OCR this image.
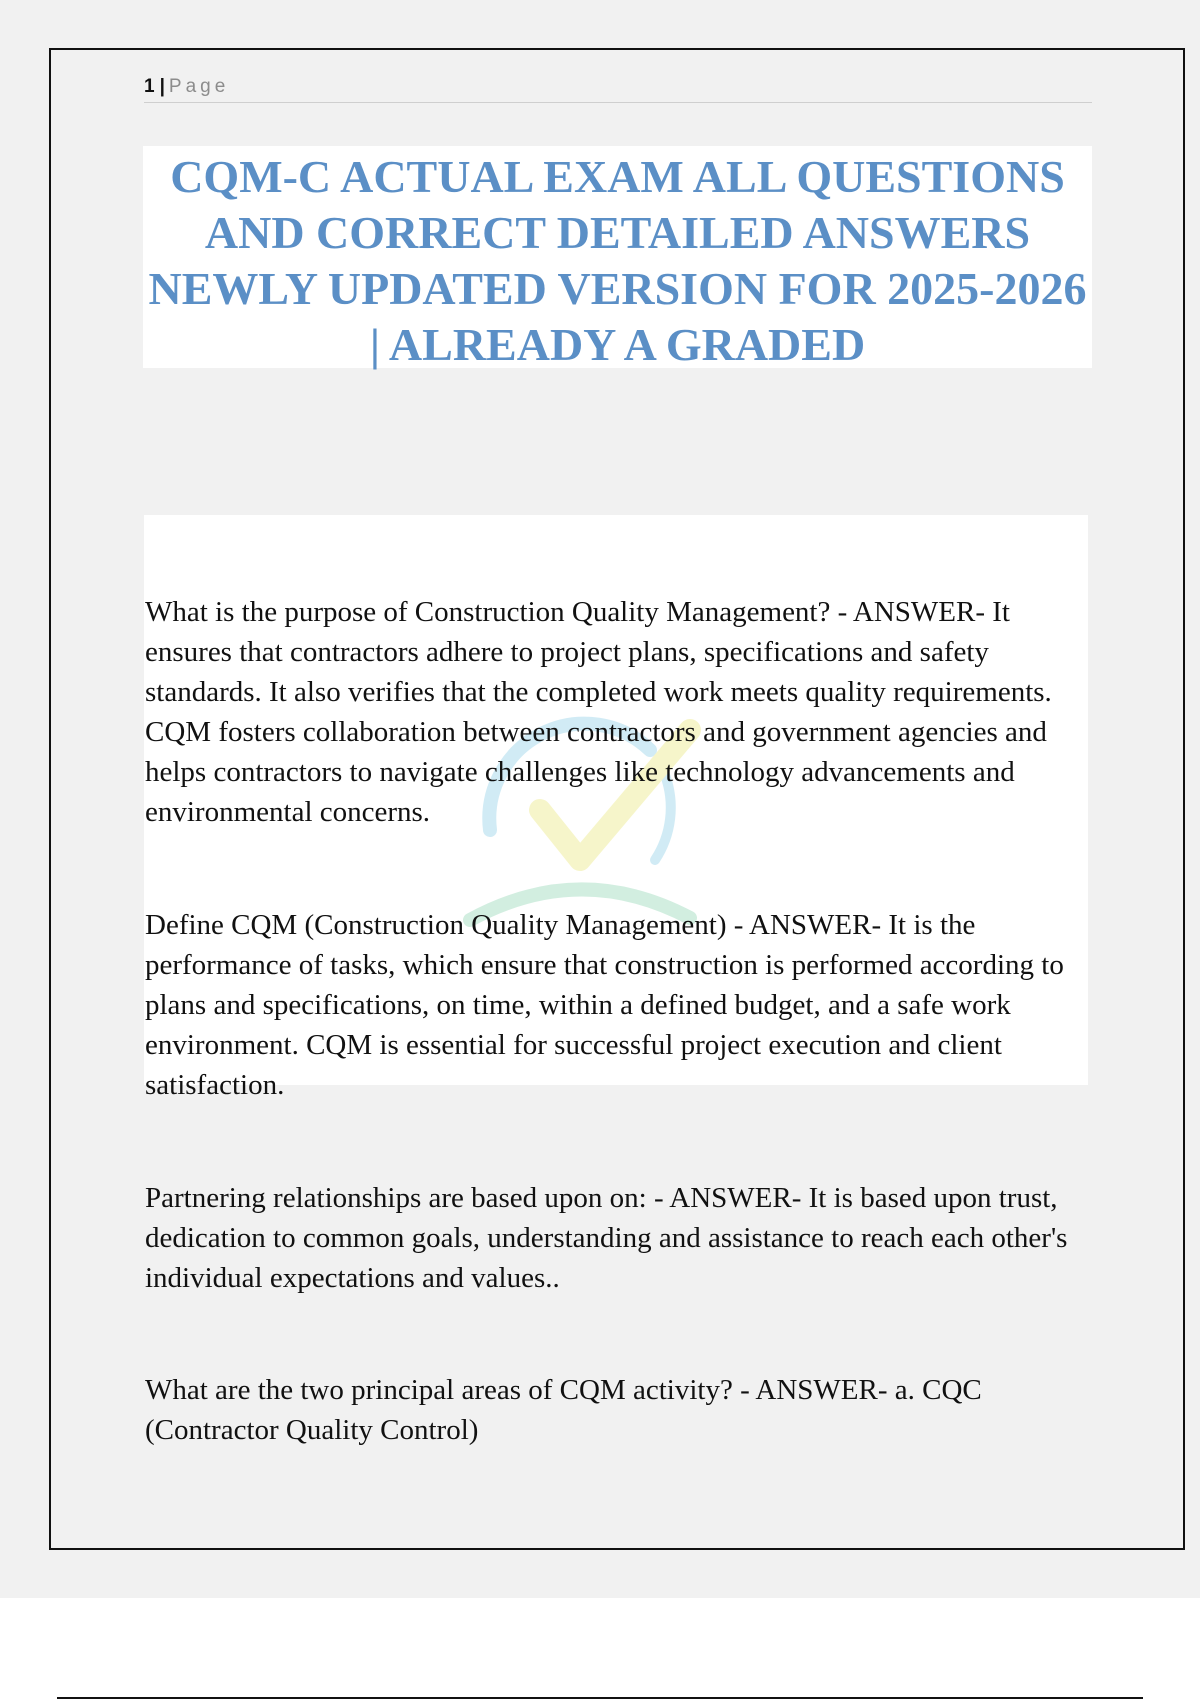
1 | Page
CQM-C ACTUAL EXAM ALL QUESTIONS AND CORRECT DETAILED ANSWERS NEWLY UPDATED VERSION FOR 2025-2026 | ALREADY A GRADED

What is the purpose of Construction Quality Management? - ANSWER- It ensures that contractors adhere to project plans, specifications and safety standards. It also verifies that the completed work meets quality requirements. CQM fosters collaboration between contractors and government agencies and helps contractors to navigate challenges like technology advancements and environmental concerns.

Define CQM (Construction Quality Management) - ANSWER- It is the performance of tasks, which ensure that construction is performed according to plans and specifications, on time, within a defined budget, and a safe work environment. CQM is essential for successful project execution and client satisfaction.

Partnering relationships are based upon on: - ANSWER- It is based upon trust, dedication to common goals, understanding and assistance to reach each other's individual expectations and values..

What are the two principal areas of CQM activity? - ANSWER- a. CQC (Contractor Quality Control)
